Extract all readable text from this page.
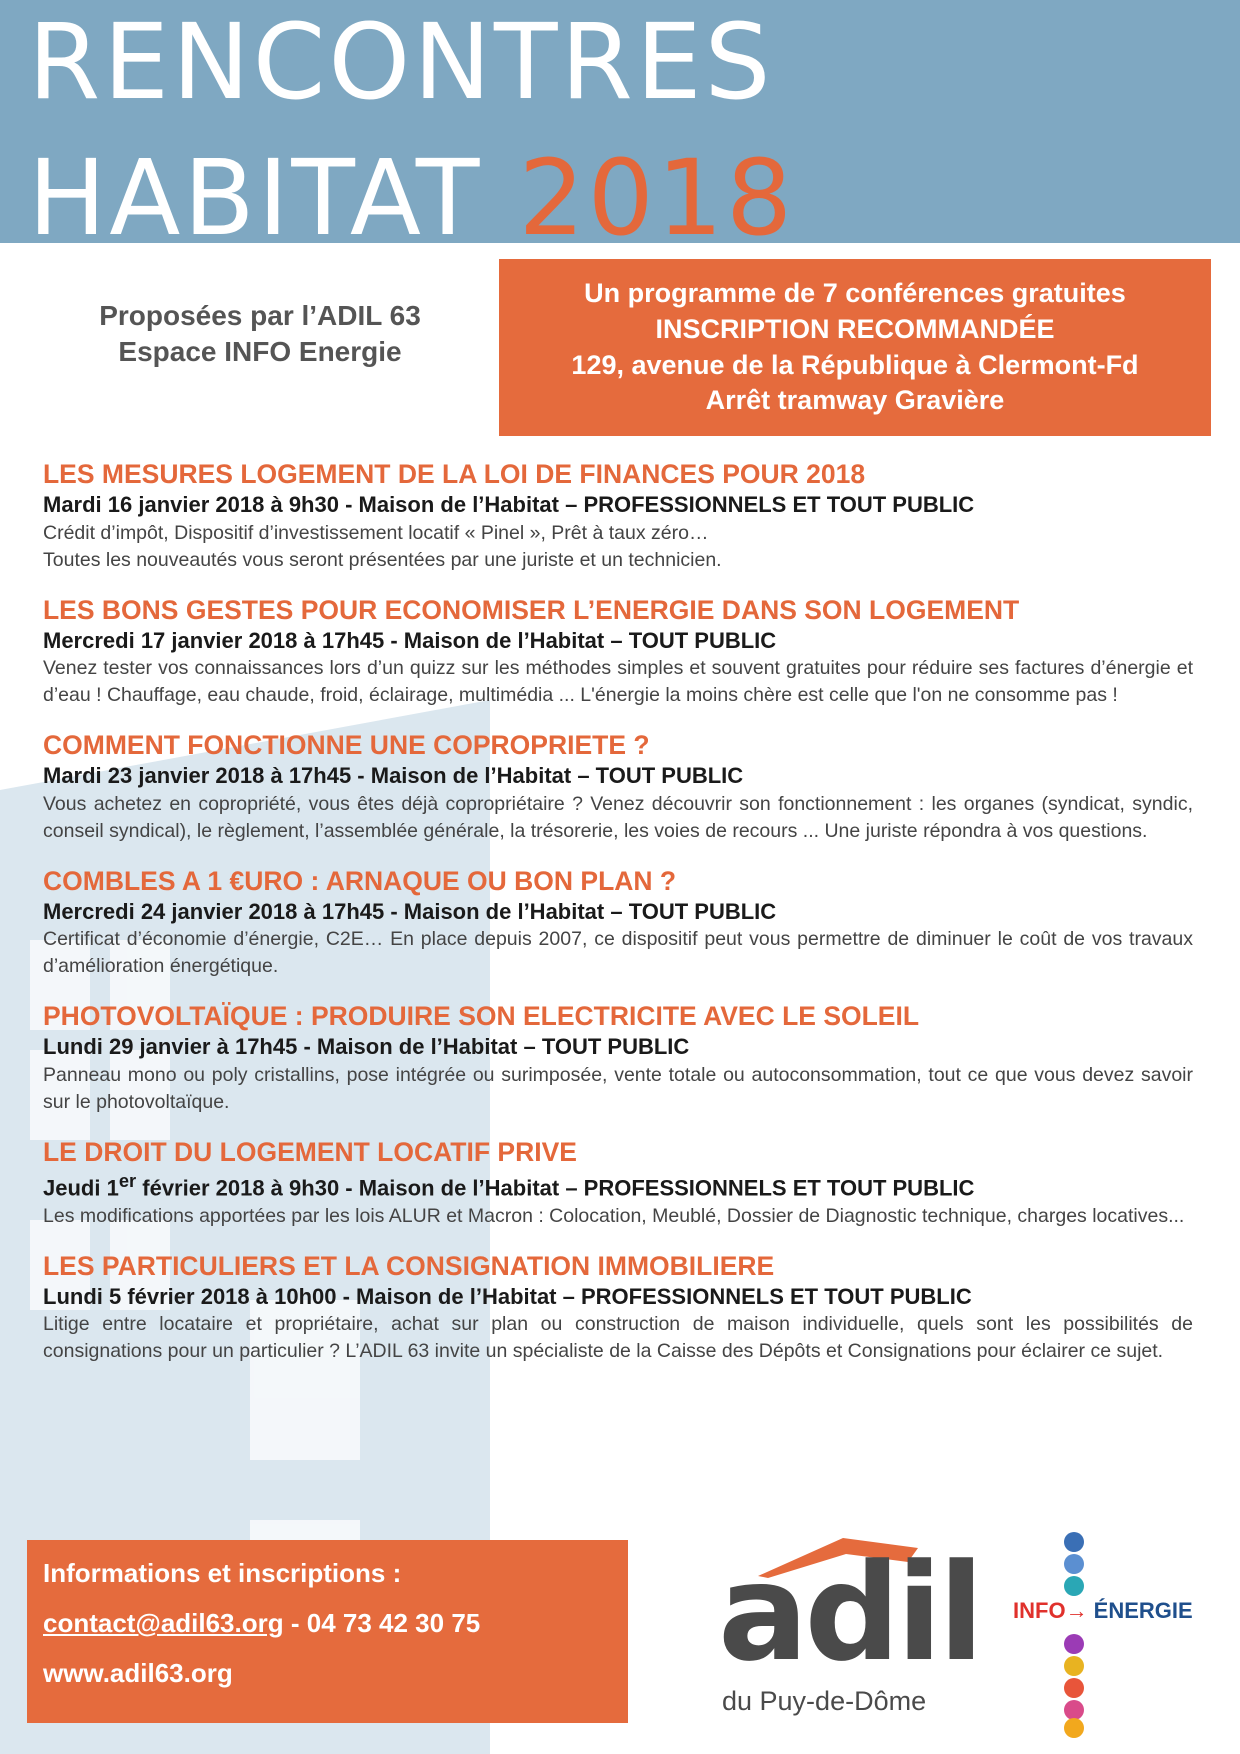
RENCONTRES
HABITAT 2018
Proposées par l’ADIL 63
Espace INFO Energie
Un programme de 7 conférences gratuites
INSCRIPTION RECOMMANDÉE
129, avenue de la République à Clermont-Fd
Arrêt tramway Gravière
LES MESURES LOGEMENT DE LA LOI DE FINANCES POUR 2018
Mardi 16 janvier 2018 à 9h30 - Maison de l’Habitat – PROFESSIONNELS ET TOUT PUBLIC
Crédit d’impôt, Dispositif d’investissement locatif « Pinel », Prêt à taux zéro…
Toutes les nouveautés vous seront présentées par une juriste et un technicien.
LES BONS GESTES POUR ECONOMISER L’ENERGIE DANS SON LOGEMENT
Mercredi 17 janvier 2018 à 17h45 - Maison de l’Habitat – TOUT PUBLIC
Venez tester vos connaissances lors d’un quizz sur les méthodes simples et souvent gratuites pour réduire ses factures d’énergie et d’eau ! Chauffage, eau chaude, froid, éclairage, multimédia ... L'énergie la moins chère est celle que l'on ne consomme pas !
COMMENT FONCTIONNE UNE COPROPRIETE ?
Mardi 23 janvier 2018 à 17h45 - Maison de l’Habitat – TOUT PUBLIC
Vous achetez en copropriété, vous êtes déjà copropriétaire ? Venez découvrir son fonctionnement : les organes (syndicat, syndic, conseil syndical), le règlement, l’assemblée générale, la trésorerie, les voies de recours ... Une juriste répondra à vos questions.
COMBLES A 1 €URO : ARNAQUE OU BON PLAN ?
Mercredi 24 janvier 2018 à 17h45 - Maison de l’Habitat – TOUT PUBLIC
Certificat d’économie d’énergie, C2E… En place depuis 2007, ce dispositif peut vous permettre de diminuer le coût de vos travaux d’amélioration énergétique.
PHOTOVOLTAÏQUE : PRODUIRE SON ELECTRICITE AVEC LE SOLEIL
Lundi 29 janvier à 17h45 - Maison de l’Habitat – TOUT PUBLIC
Panneau mono ou poly cristallins, pose intégrée ou surimposée, vente totale ou autoconsommation, tout ce que vous devez savoir sur le photovoltaïque.
LE DROIT DU LOGEMENT LOCATIF PRIVE
Jeudi 1er février 2018 à 9h30 - Maison de l’Habitat – PROFESSIONNELS ET TOUT PUBLIC
Les modifications apportées par les lois ALUR et Macron : Colocation, Meublé, Dossier de Diagnostic technique, charges locatives...
LES PARTICULIERS ET LA CONSIGNATION IMMOBILIERE
Lundi 5 février 2018 à 10h00 - Maison de l’Habitat – PROFESSIONNELS ET TOUT PUBLIC
Litige entre locataire et propriétaire, achat sur plan ou construction de maison individuelle, quels sont les possibilités de consignations pour un particulier ? L’ADIL 63 invite un spécialiste de la Caisse des Dépôts et Consignations pour éclairer ce sujet.
Informations et inscriptions :
contact@adil63.org - 04 73 42 30 75
www.adil63.org	adil
du Puy-de-Dôme
INFO→ ÉNERGIE
